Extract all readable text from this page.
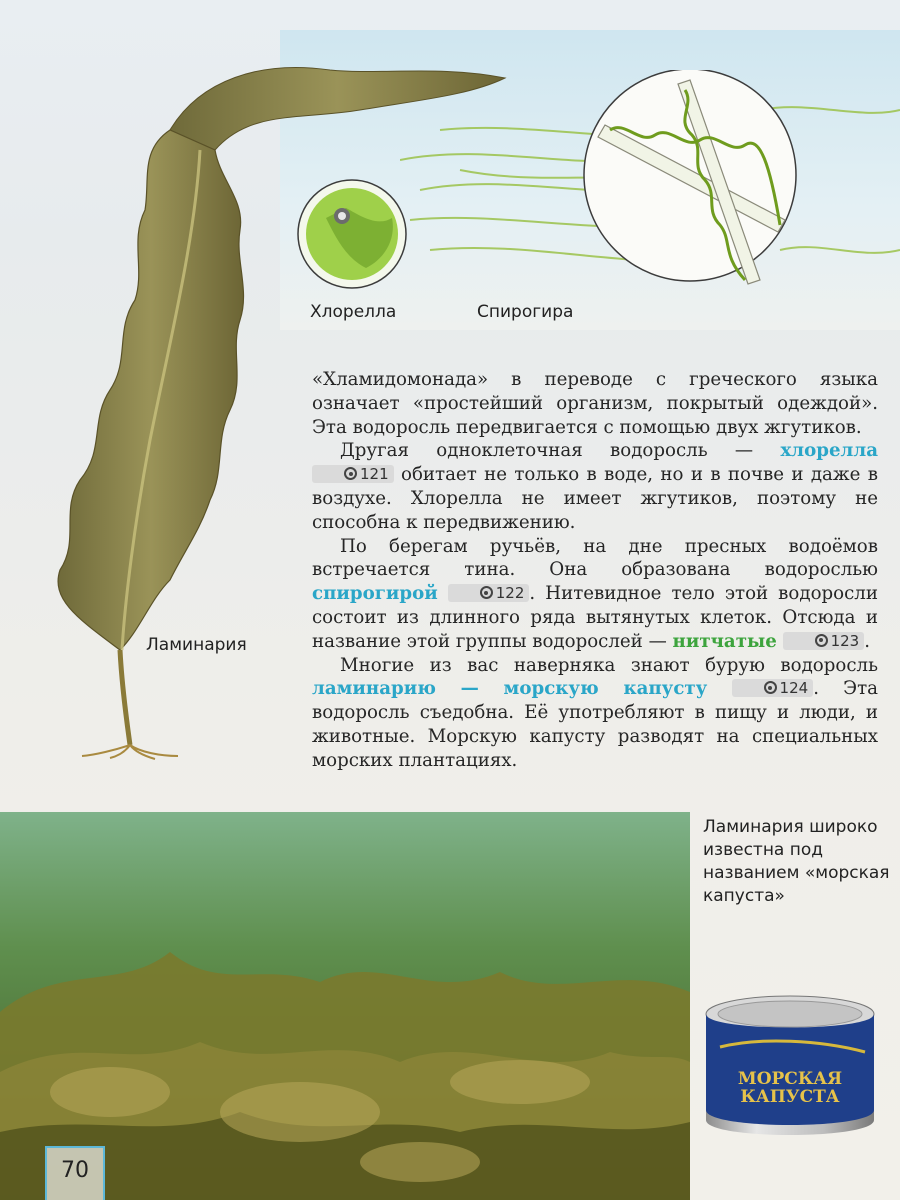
Хлорелла	Спирогира
Ламинария

«Хламидомонада» в переводе с греческого языка означает «простейший организм, покрытый одеждой». Эта водоросль передвигается с помощью двух жгутиков.

Другая одноклеточная водоросль — хлорелла 121 обитает не только в воде, но и в почве и даже в воздухе. Хлорелла не имеет жгутиков, поэтому не способна к передвижению.

По берегам ручьёв, на дне пресных водоёмов встречается тина. Она образована водорослью спирогирой	122 . Нитевидное тело этой водоросли состоит из длинного ряда вытянутых клеток. Отсюда и название этой группы водорослей — нитчатые	123 .

Многие из вас наверняка знают бурую водоросль ламинарию — морскую капусту	124 . Эта водоросль съедобна. Её употребляют в пищу и люди, и животные. Морскую капусту разводят на специальных морских плантациях.

Ламинария широко известна под названием «морская капуста»
МОРСКАЯ
КАПУСТА
70
